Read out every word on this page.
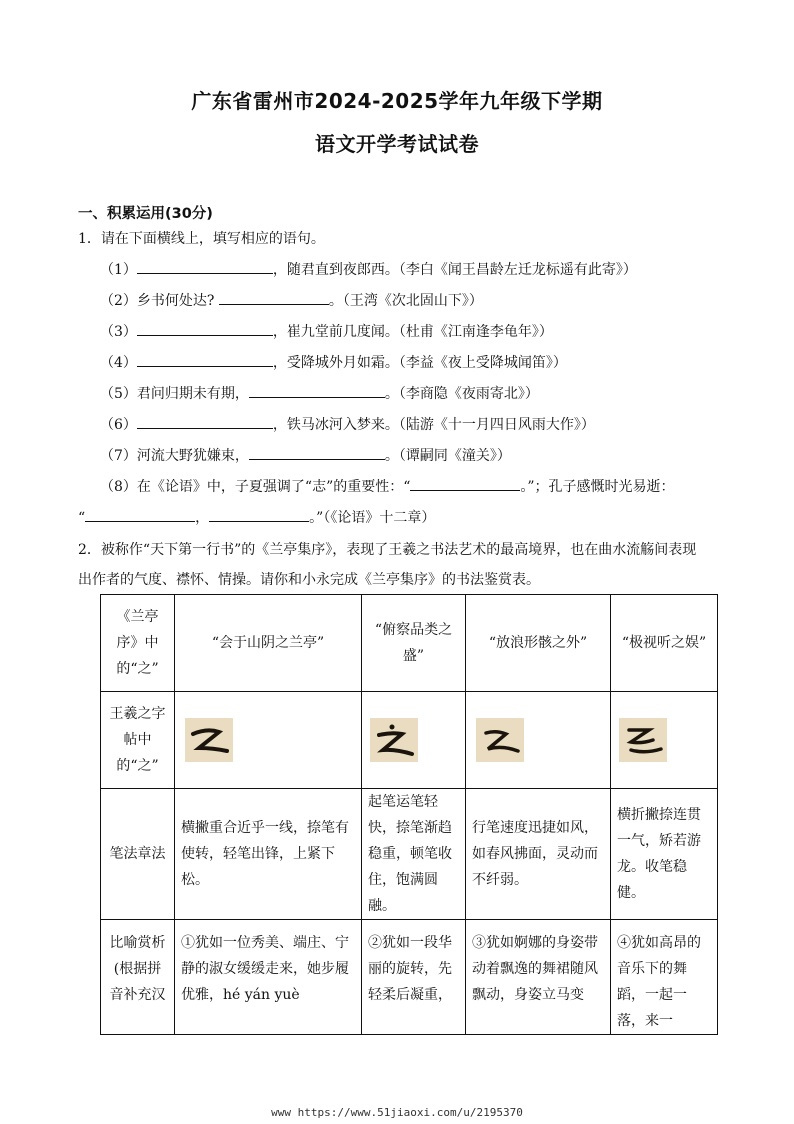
广东省雷州市2024-2025学年九年级下学期
语文开学考试试卷
一、积累运用(30分)
1．请在下面横线上，填写相应的语句。
（1）	，随君直到夜郎西。（李白《闻王昌龄左迁龙标遥有此寄》）
（2）乡书何处达?	。（王湾《次北固山下》）
（3）	，崔九堂前几度闻。（杜甫《江南逢李龟年》）
（4）	，受降城外月如霜。（李益《夜上受降城闻笛》）
（5）君问归期未有期，	。（李商隐《夜雨寄北》）
（6）	，铁马冰河入梦来。（陆游《十一月四日风雨大作》）
（7）河流大野犹嫌束，	。（谭嗣同《潼关》）
（8）在《论语》中，子夏强调了“志”的重要性：“	。”；孔子感慨时光易逝：
“	，	。”（《论语》十二章）
2．被称作“天下第一行书”的《兰亭集序》，表现了王羲之书法艺术的最高境界，也在曲水流觞间表现
出作者的气度、襟怀、情操。请你和小永完成《兰亭集序》的书法鉴赏表。
《兰亭序》中的“之”	“会于山阴之兰亭”	“俯察品类之盛”	“放浪形骸之外”	“极视听之娱”
王羲之字帖中的“之”	

笔法章法	横撇重合近乎一线，捺笔有使转，轻笔出锋，上紧下松。	起笔运笔轻快，捺笔渐趋稳重，顿笔收住，饱满圆融。	行笔速度迅捷如风，如春风拂面，灵动而不纤弱。	横折撇捺连贯一气，矫若游龙。收笔稳健。
比喻赏析(根据拼音补充汉	①犹如一位秀美、端庄、宁静的淑女缓缓走来，她步履优雅，hé yán yuè	②犹如一段华丽的旋转，先轻柔后凝重，	③犹如婀娜的身姿带动着飘逸的舞裙随风飘动，身姿立马变	④犹如高昂的音乐下的舞蹈，一起一落，来一
www https://www.51jiaoxi.com/u/2195370
